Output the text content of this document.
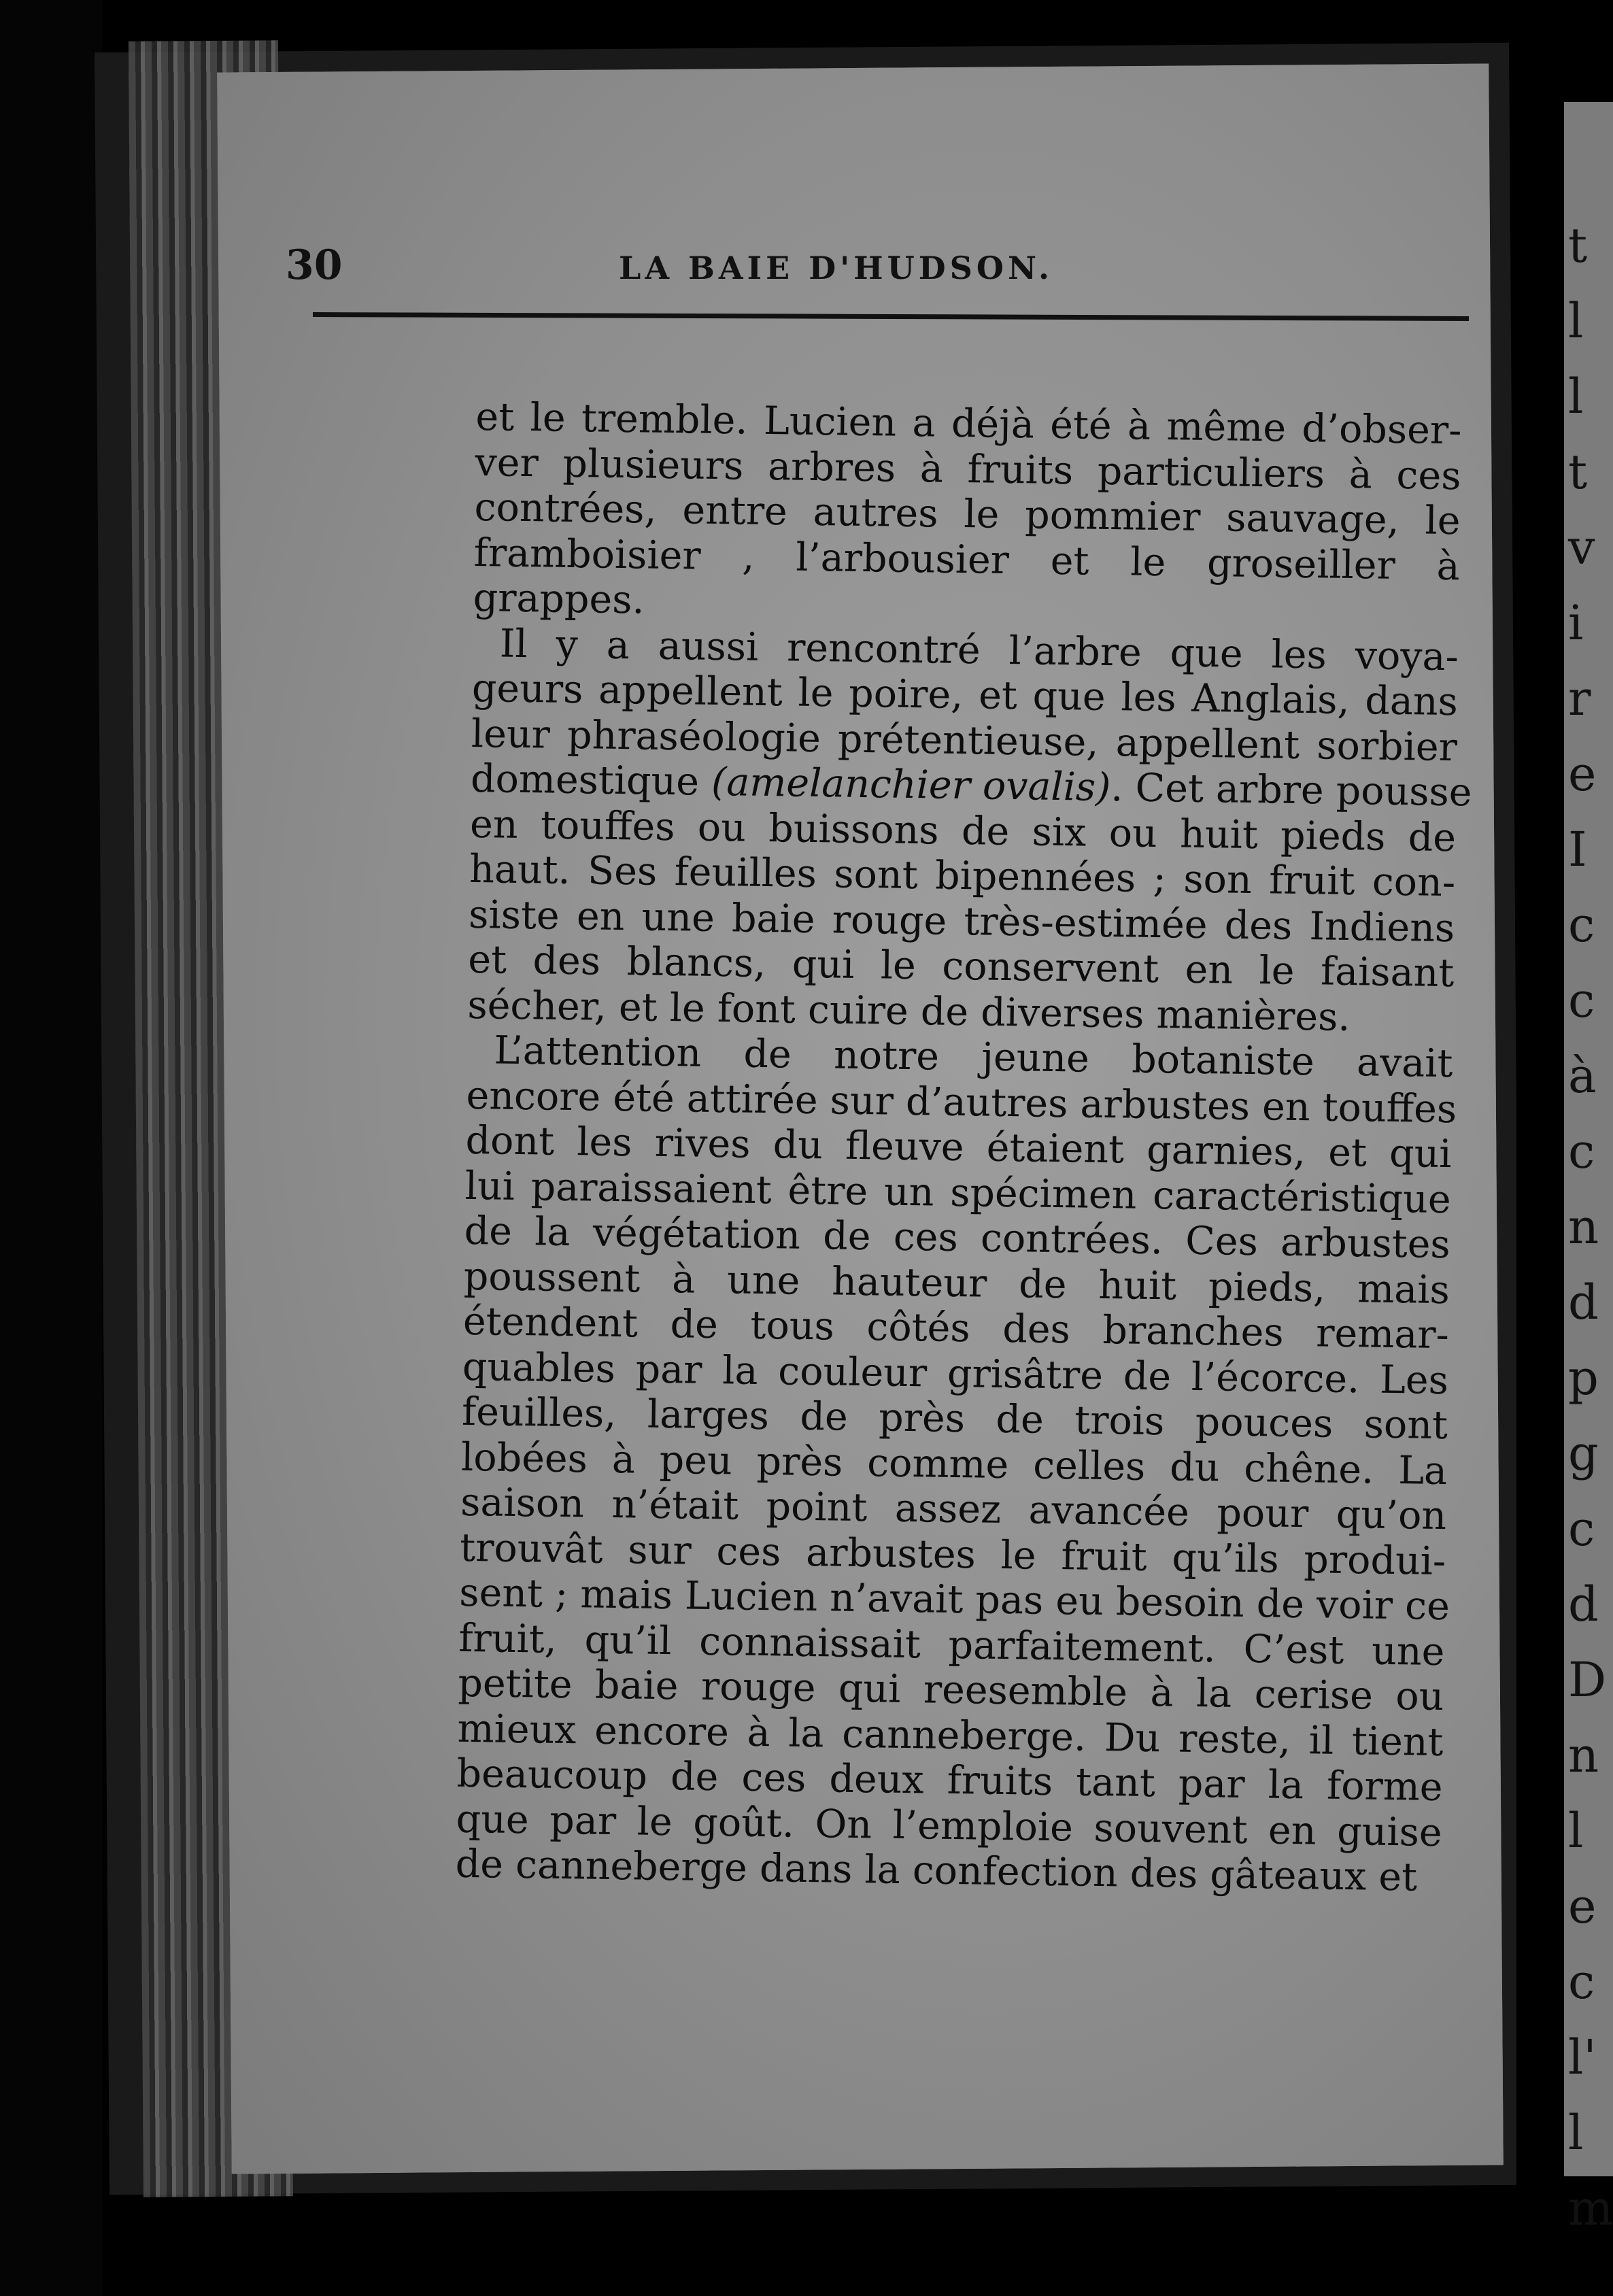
t
l
l
t
v
i
r
e
I
c
c
à
c
n
d
p
g
c
d
D
n
l
e
c
l'
l
m
30	LA BAIE D'HUDSON.
et le tremble. Lucien a déjà été à même d’obser-
ver plusieurs arbres à fruits particuliers à ces
contrées, entre autres le pommier sauvage, le
framboisier , l’arbousier et le groseiller à
grappes.
Il y a aussi rencontré l’arbre que les voya-
geurs appellent le poire, et que les Anglais, dans
leur phraséologie prétentieuse, appellent sorbier
domestique (amelanchier ovalis). Cet arbre pousse
en touffes ou buissons de six ou huit pieds de
haut. Ses feuilles sont bipennées ; son fruit con-
siste en une baie rouge très-estimée des Indiens
et des blancs, qui le conservent en le faisant
sécher, et le font cuire de diverses manières.
L’attention de notre jeune botaniste avait
encore été attirée sur d’autres arbustes en touffes
dont les rives du fleuve étaient garnies, et qui
lui paraissaient être un spécimen caractéristique
de la végétation de ces contrées. Ces arbustes
poussent à une hauteur de huit pieds, mais
étendent de tous côtés des branches remar-
quables par la couleur grisâtre de l’écorce. Les
feuilles, larges de près de trois pouces sont
lobées à peu près comme celles du chêne. La
saison n’était point assez avancée pour qu’on
trouvât sur ces arbustes le fruit qu’ils produi-
sent ; mais Lucien n’avait pas eu besoin de voir ce
fruit, qu’il connaissait parfaitement. C’est une
petite baie rouge qui reesemble à la cerise ou
mieux encore à la canneberge. Du reste, il tient
beaucoup de ces deux fruits tant par la forme
que par le goût. On l’emploie souvent en guise
de canneberge dans la confection des gâteaux et
